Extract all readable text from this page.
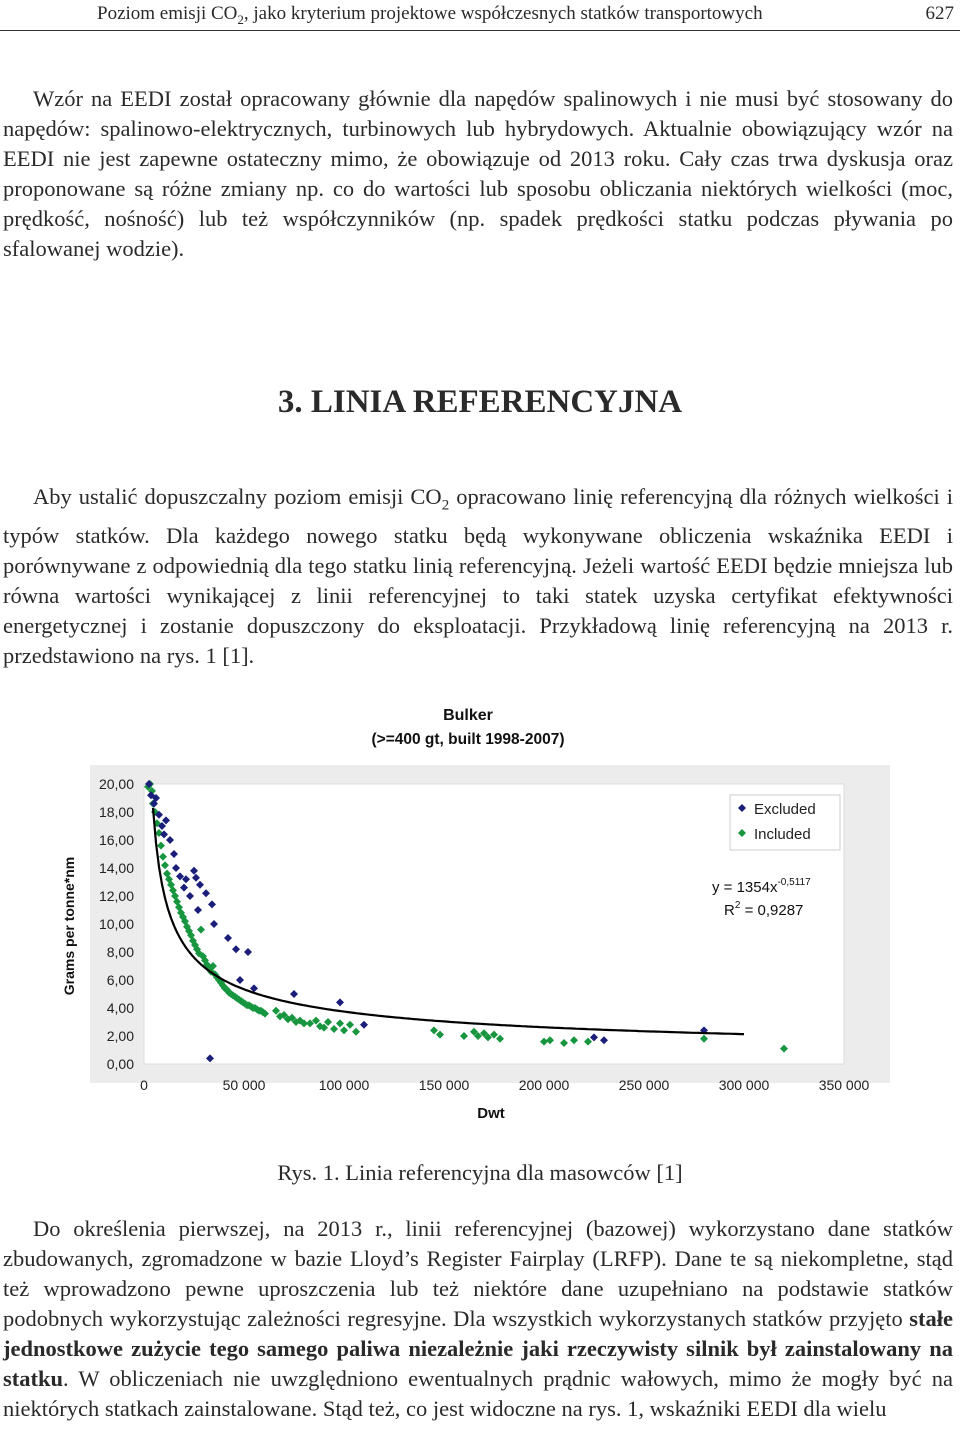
Poziom emisji $CO_2$, jako kryterium projektowe współczesnych statków transportowych	627

Wzór na EEDI został opracowany głównie dla napędów spalinowych i nie musi być stosowany do napędów: spalinowo-elektrycznych, turbinowych lub hybrydowych. Aktualnie obowiązujący wzór na EEDI nie jest zapewne ostateczny mimo, że obowiązuje od 2013 roku. Cały czas trwa dyskusja oraz proponowane są różne zmiany np. co do wartości lub sposobu obliczania niektórych wielkości (moc, prędkość, nośność) lub też współczynników (np. spadek prędkości statku podczas pływania po sfalowanej wodzie).

3. LINIA REFERENCYJNA

Aby ustalić dopuszczalny poziom emisji $CO_2$ opracowano linię referencyjną dla różnych wielkości i typów statków. Dla każdego nowego statku będą wykonywane obliczenia wskaźnika EEDI i porównywane z odpowiednią dla tego statku linią referencyjną. Jeżeli wartość EEDI będzie mniejsza lub równa wartości wynikającej z linii referencyjnej to taki statek uzyska certyfikat efektywności energetycznej i zostanie dopuszczony do eksploatacji. Przykładową linię referencyjną na 2013 r. przedstawiono na rys. 1 [1].

0,00
2,00
4,00
6,00
8,00
10,00
12,00
14,00
16,00
18,00
20,00
0	50 000	100 000	150 000	200 000	250 000	300 000	350 000
Bulker
(>=400 gt, built 1998-2007)
Grams per tonne*nm
Dwt
Excluded
Included
$y = 1354x^{-0,5117}$
$R^2 = 0,9287$
Rys. 1. Linia referencyjna dla masowców [1]

Do określenia pierwszej, na 2013 r., linii referencyjnej (bazowej) wykorzystano dane statków zbudowanych, zgromadzone w bazie Lloyd’s Register Fairplay (LRFP). Dane te są niekompletne, stąd też wprowadzono pewne uproszczenia lub też niektóre dane uzupełniano na podstawie statków podobnych wykorzystując zależności regresyjne. Dla wszystkich wykorzystanych statków przyjęto stałe jednostkowe zużycie tego samego paliwa niezależnie jaki rzeczywisty silnik był zainstalowany na statku. W obliczeniach nie uwzględniono ewentualnych prądnic wałowych, mimo że mogły być na niektórych statkach zainstalowane. Stąd też, co jest widoczne na rys. 1, wskaźniki EEDI dla wielu
